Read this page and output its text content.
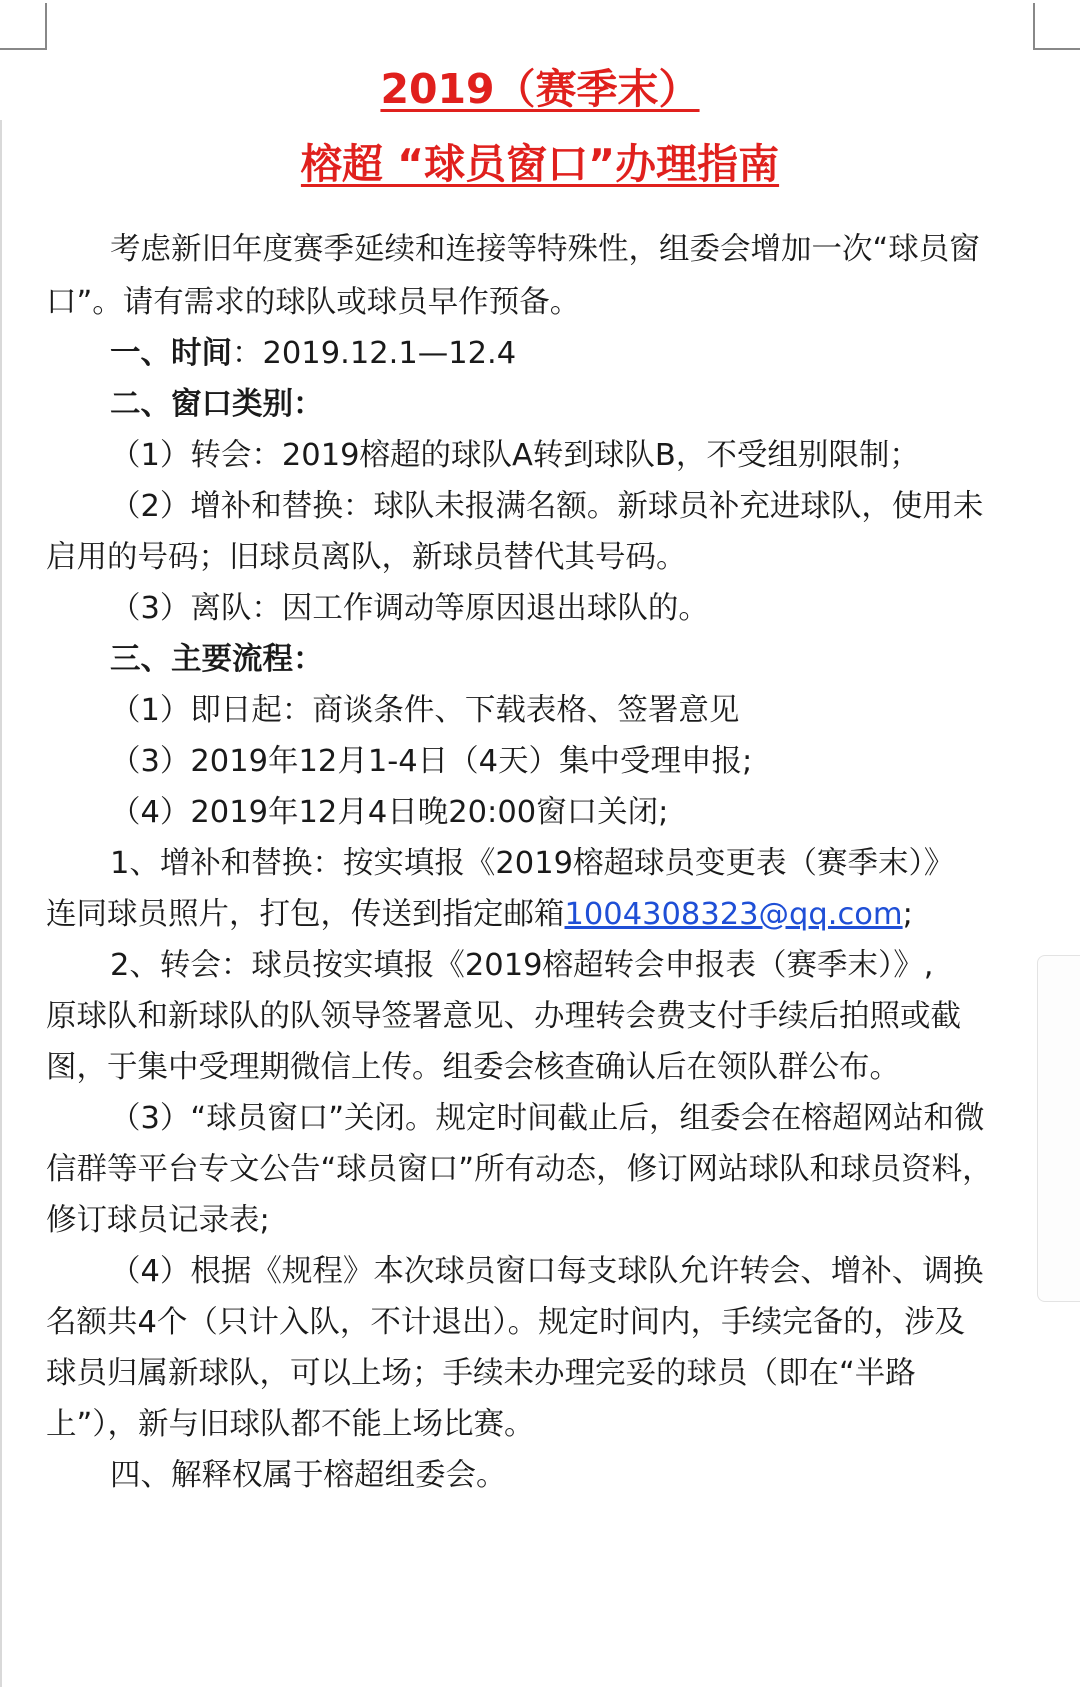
2019（赛季末）
榕超 “球员窗口”办理指南
考虑新旧年度赛季延续和连接等特殊性，组委会增加一次“球员窗
口”。请有需求的球队或球员早作预备。
一、时间：2019.12.1—12.4
二、窗口类别：
（1）转会：2019榕超的球队A转到球队B，不受组别限制；
（2）增补和替换：球队未报满名额。新球员补充进球队，使用未
启用的号码；旧球员离队，新球员替代其号码。
（3）离队：因工作调动等原因退出球队的。
三、主要流程：
（1）即日起：商谈条件、下载表格、签署意见
（3）2019年12月1-4日（4天）集中受理申报;
（4）2019年12月4日晚20:00窗口关闭;
1、增补和替换：按实填报《2019榕超球员变更表（赛季末）》
连同球员照片，打包，传送到指定邮箱1004308323@qq.com;
2、转会：球员按实填报《2019榕超转会申报表（赛季末）》,
原球队和新球队的队领导签署意见、办理转会费支付手续后拍照或截
图，于集中受理期微信上传。组委会核查确认后在领队群公布。
（3）“球员窗口”关闭。规定时间截止后，组委会在榕超网站和微
信群等平台专文公告“球员窗口”所有动态，修订网站球队和球员资料，
修订球员记录表;
（4）根据《规程》本次球员窗口每支球队允许转会、增补、调换
名额共4个（只计入队，不计退出）。规定时间内，手续完备的，涉及
球员归属新球队，可以上场；手续未办理完妥的球员（即在“半路
上”），新与旧球队都不能上场比赛。
四、解释权属于榕超组委会。
